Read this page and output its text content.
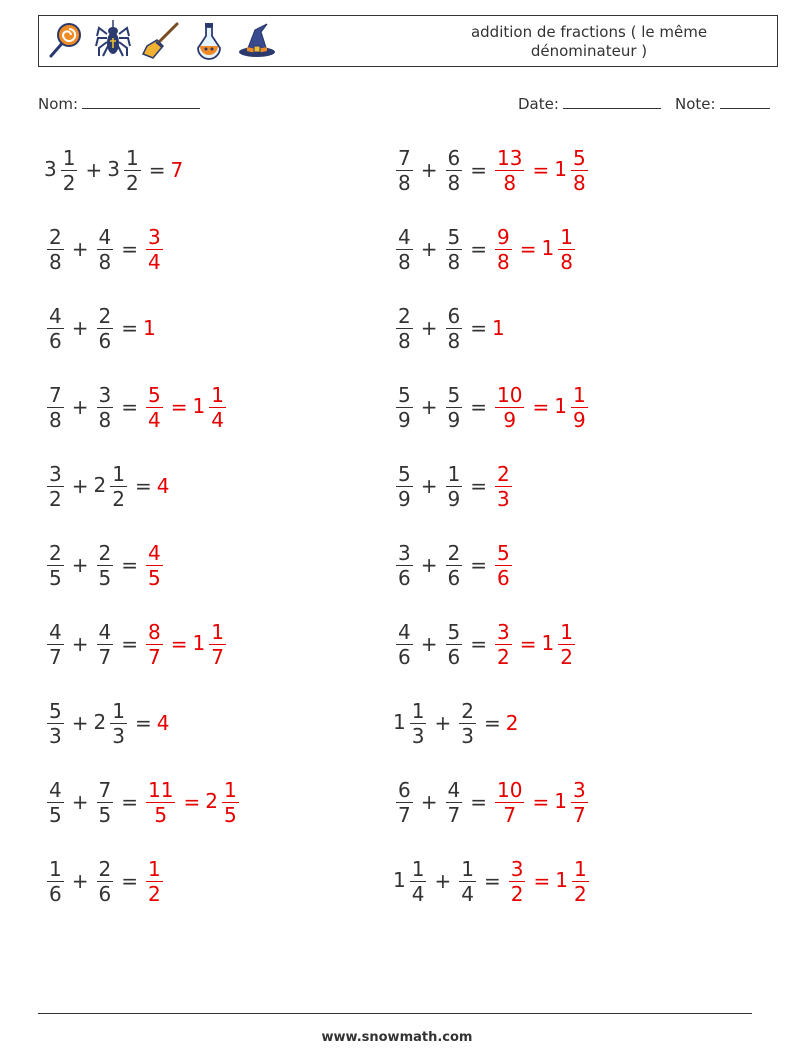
addition de fractions ( le même
dénominateur )
Nom:	Date:	Note:
$3 \frac{1}{2} + 3 \frac{1}{2} = 7$	$\frac{7}{8} + \frac{6}{8} = \frac{13}{8} = 1 \frac{5}{8}$
$\frac{2}{8} + \frac{4}{8} = \frac{3}{4}$	$\frac{4}{8} + \frac{5}{8} = \frac{9}{8} = 1 \frac{1}{8}$
$\frac{4}{6} + \frac{2}{6} = 1$	$\frac{2}{8} + \frac{6}{8} = 1$
$\frac{7}{8} + \frac{3}{8} = \frac{5}{4} = 1 \frac{1}{4}$	$\frac{5}{9} + \frac{5}{9} = \frac{10}{9} = 1 \frac{1}{9}$
$\frac{3}{2} + 2 \frac{1}{2} = 4$	$\frac{5}{9} + \frac{1}{9} = \frac{2}{3}$
$\frac{2}{5} + \frac{2}{5} = \frac{4}{5}$	$\frac{3}{6} + \frac{2}{6} = \frac{5}{6}$
$\frac{4}{7} + \frac{4}{7} = \frac{8}{7} = 1 \frac{1}{7}$	$\frac{4}{6} + \frac{5}{6} = \frac{3}{2} = 1 \frac{1}{2}$
$\frac{5}{3} + 2 \frac{1}{3} = 4$	$1 \frac{1}{3} + \frac{2}{3} = 2$
$\frac{4}{5} + \frac{7}{5} = \frac{11}{5} = 2 \frac{1}{5}$	$\frac{6}{7} + \frac{4}{7} = \frac{10}{7} = 1 \frac{3}{7}$
$\frac{1}{6} + \frac{2}{6} = \frac{1}{2}$	$1 \frac{1}{4} + \frac{1}{4} = \frac{3}{2} = 1 \frac{1}{2}$
www.snowmath.com
